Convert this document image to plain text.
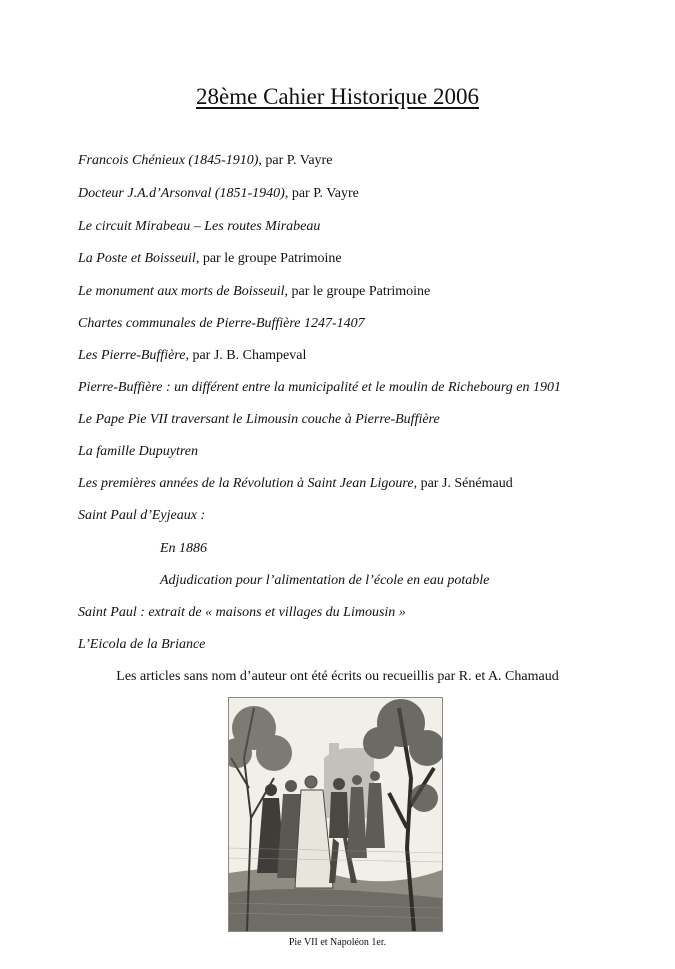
28ème Cahier Historique 2006
Francois Chénieux (1845-1910), par P. Vayre
Docteur J.A.d’Arsonval (1851-1940), par P. Vayre
Le circuit Mirabeau – Les routes Mirabeau
La Poste et Boisseuil, par le groupe Patrimoine
Le monument aux morts de Boisseuil, par le groupe Patrimoine
Chartes communales de Pierre-Buffière 1247-1407
Les Pierre-Buffière, par J. B. Champeval
Pierre-Buffière : un différent entre la municipalité et le moulin de Richebourg en 1901
Le Pape Pie VII traversant le Limousin couche à Pierre-Buffière
La famille Dupuytren
Les premières années de la Révolution à Saint Jean Ligoure, par J. Sénémaud
Saint Paul d’Eyjeaux :
En 1886
Adjudication pour l’alimentation de l’école en eau potable
Saint Paul : extrait de « maisons et villages du Limousin »
L’Eicola de la Briance
Les articles sans nom d’auteur ont été écrits ou recueillis par R. et A. Chamaud
Pie VII et Napoléon 1er.
